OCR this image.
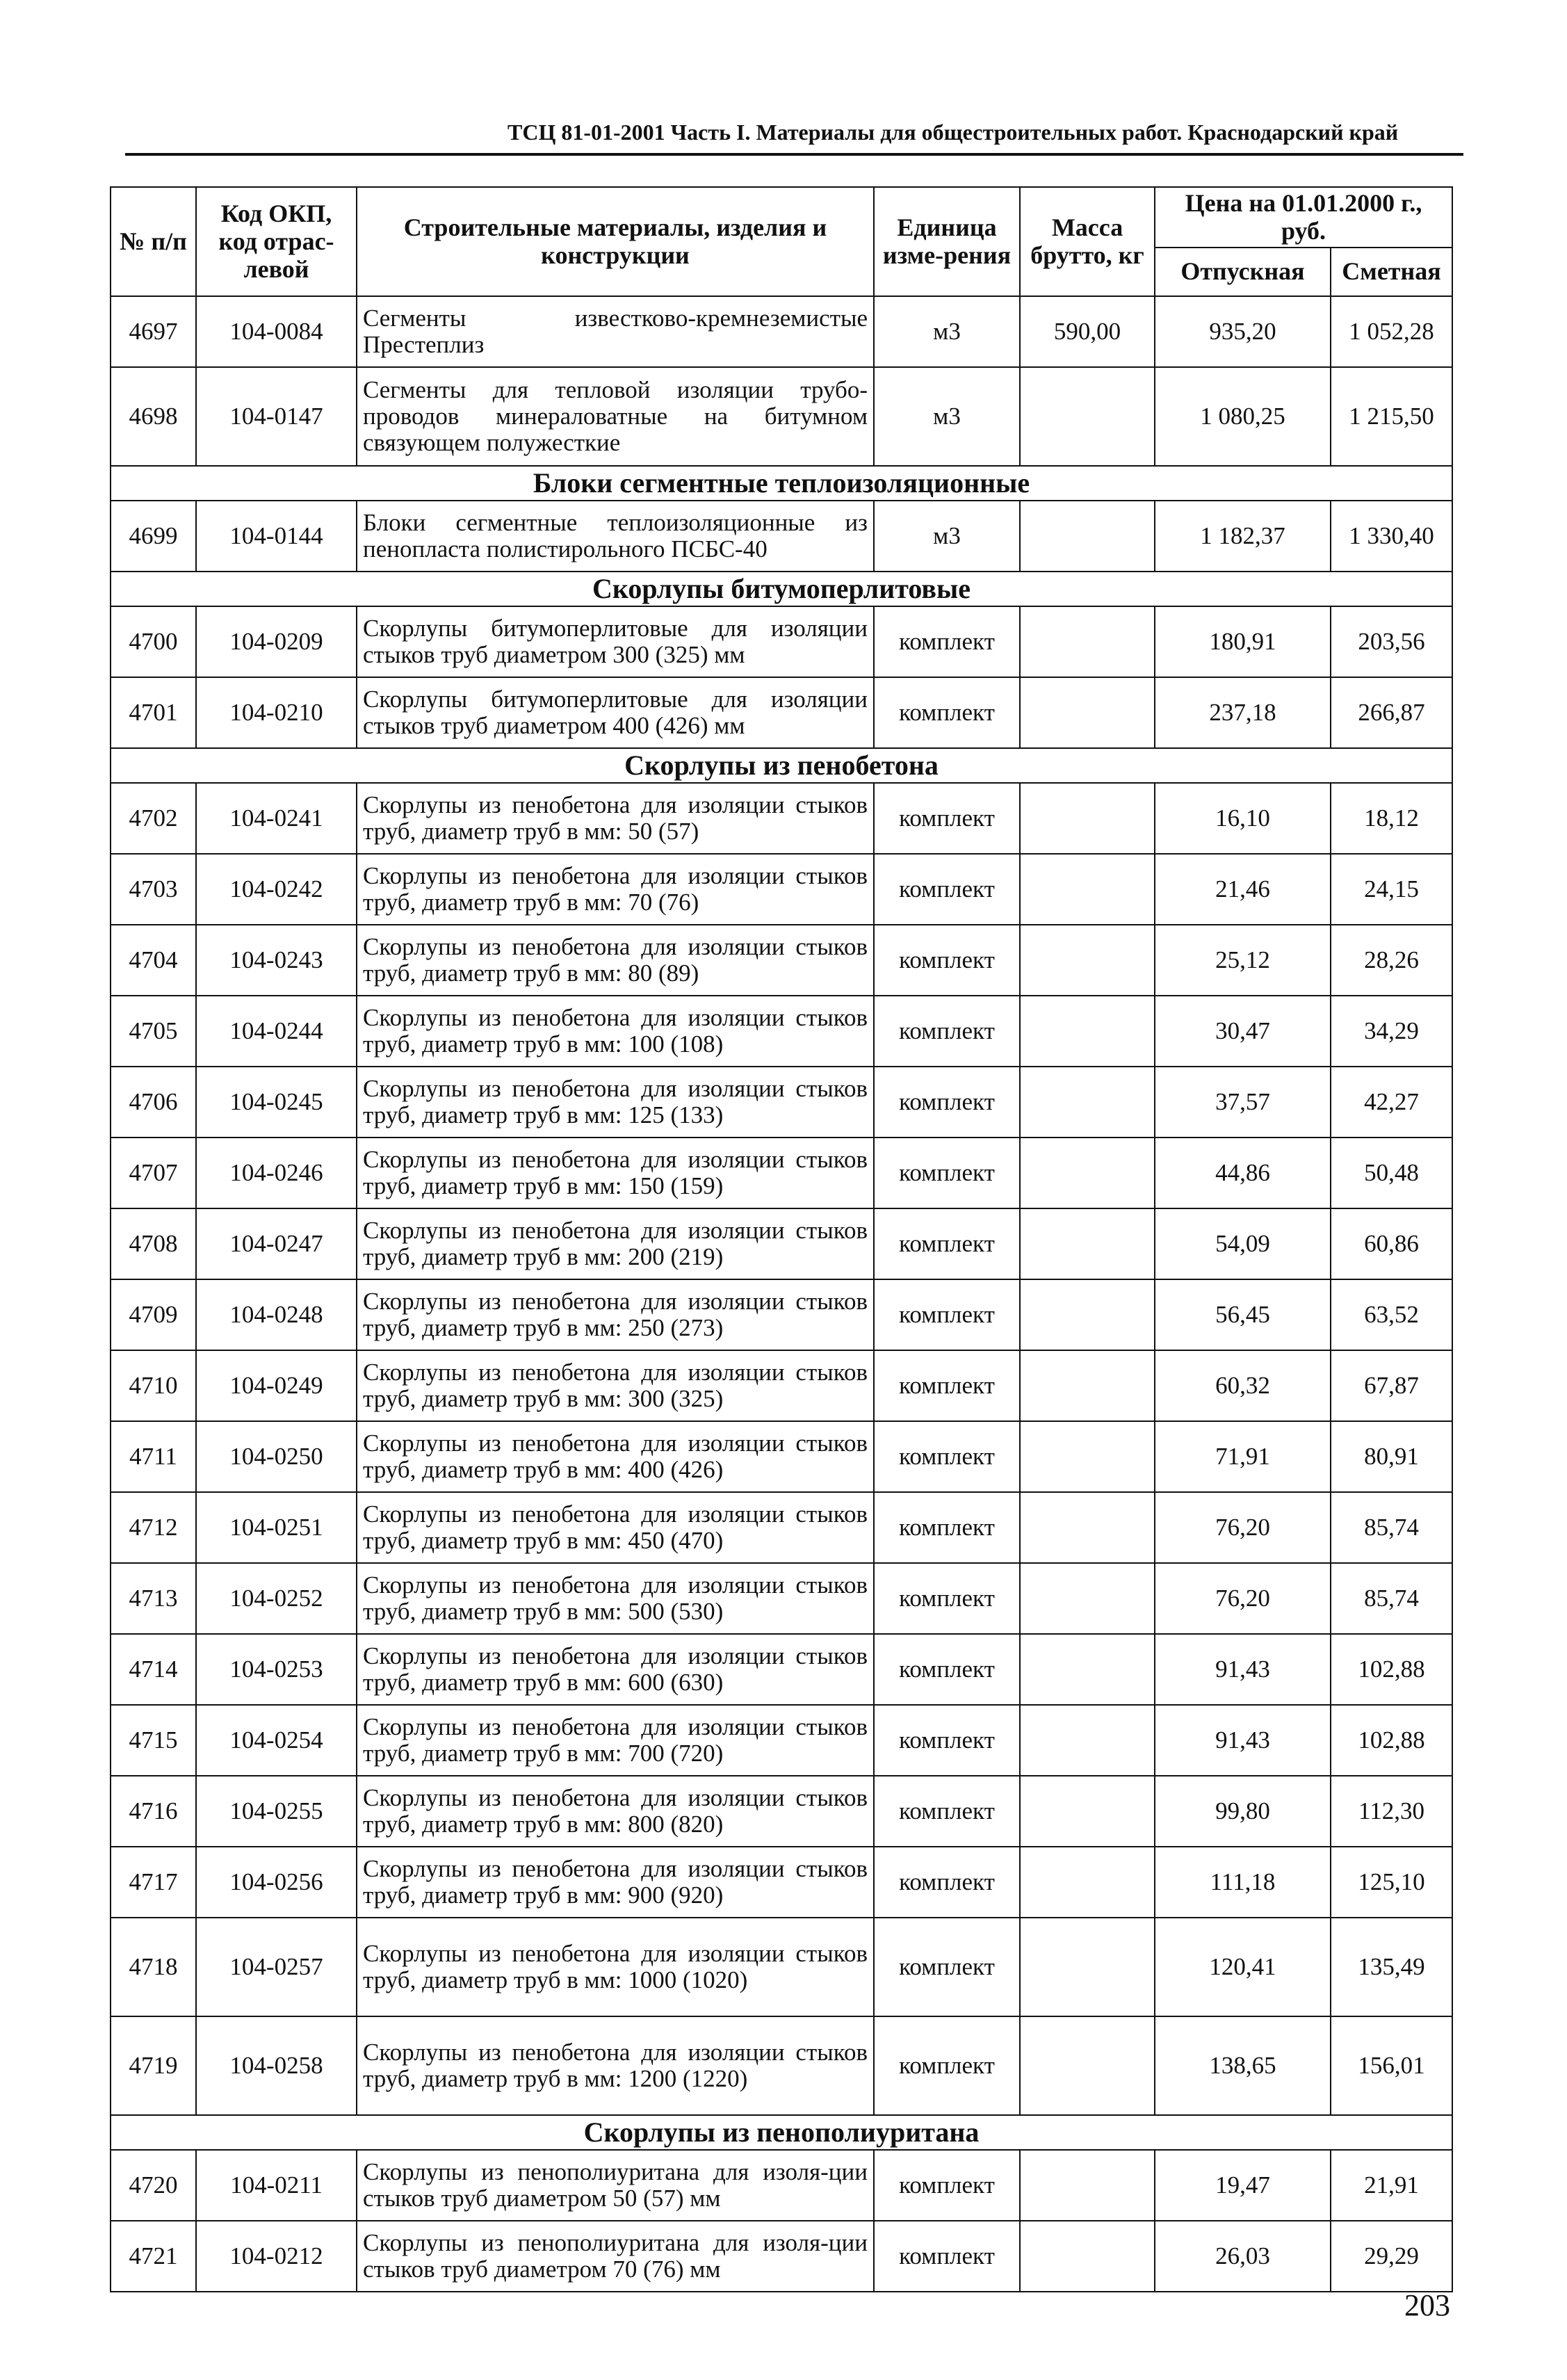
ТСЦ 81-01-2001 Часть I. Материалы для общестроительных работ. Краснодарский край
№ п/п	Код ОКП, код отрас-левой	Строительные материалы, изделия и конструкции	Единица изме-рения	Масса брутто, кг	Цена на 01.01.2000 г., руб.	
					Отпускная	Сметная
4697	104-0084	Сегменты известково-кремнеземистые Престеплиз	м3	590,00	935,20	1 052,28
4698	104-0147	Сегменты для тепловой изоляции трубо-проводов минераловатные на битумном связующем полужесткие	м3		1 080,25	1 215,50
Блоки сегментные теплоизоляционные						
4699	104-0144	Блоки сегментные теплоизоляционные из пенопласта полистирольного ПСБС-40	м3		1 182,37	1 330,40
Скорлупы битумоперлитовые						
4700	104-0209	Скорлупы битумоперлитовые для изоляции стыков труб диаметром 300 (325) мм	комплект		180,91	203,56
4701	104-0210	Скорлупы битумоперлитовые для изоляции стыков труб диаметром 400 (426) мм	комплект		237,18	266,87
Скорлупы из пенобетона						
4702	104-0241	Скорлупы из пенобетона для изоляции стыков труб, диаметр труб в мм: 50 (57)	комплект		16,10	18,12
4703	104-0242	Скорлупы из пенобетона для изоляции стыков труб, диаметр труб в мм: 70 (76)	комплект		21,46	24,15
4704	104-0243	Скорлупы из пенобетона для изоляции стыков труб, диаметр труб в мм: 80 (89)	комплект		25,12	28,26
4705	104-0244	Скорлупы из пенобетона для изоляции стыков труб, диаметр труб в мм: 100 (108)	комплект		30,47	34,29
4706	104-0245	Скорлупы из пенобетона для изоляции стыков труб, диаметр труб в мм: 125 (133)	комплект		37,57	42,27
4707	104-0246	Скорлупы из пенобетона для изоляции стыков труб, диаметр труб в мм: 150 (159)	комплект		44,86	50,48
4708	104-0247	Скорлупы из пенобетона для изоляции стыков труб, диаметр труб в мм: 200 (219)	комплект		54,09	60,86
4709	104-0248	Скорлупы из пенобетона для изоляции стыков труб, диаметр труб в мм: 250 (273)	комплект		56,45	63,52
4710	104-0249	Скорлупы из пенобетона для изоляции стыков труб, диаметр труб в мм: 300 (325)	комплект		60,32	67,87
4711	104-0250	Скорлупы из пенобетона для изоляции стыков труб, диаметр труб в мм: 400 (426)	комплект		71,91	80,91
4712	104-0251	Скорлупы из пенобетона для изоляции стыков труб, диаметр труб в мм: 450 (470)	комплект		76,20	85,74
4713	104-0252	Скорлупы из пенобетона для изоляции стыков труб, диаметр труб в мм: 500 (530)	комплект		76,20	85,74
4714	104-0253	Скорлупы из пенобетона для изоляции стыков труб, диаметр труб в мм: 600 (630)	комплект		91,43	102,88
4715	104-0254	Скорлупы из пенобетона для изоляции стыков труб, диаметр труб в мм: 700 (720)	комплект		91,43	102,88
4716	104-0255	Скорлупы из пенобетона для изоляции стыков труб, диаметр труб в мм: 800 (820)	комплект		99,80	112,30
4717	104-0256	Скорлупы из пенобетона для изоляции стыков труб, диаметр труб в мм: 900 (920)	комплект		111,18	125,10
4718	104-0257	Скорлупы из пенобетона для изоляции стыков труб, диаметр труб в мм: 1000 (1020)	комплект		120,41	135,49
4719	104-0258	Скорлупы из пенобетона для изоляции стыков труб, диаметр труб в мм: 1200 (1220)	комплект		138,65	156,01
Скорлупы из пенополиуритана						
4720	104-0211	Скорлупы из пенополиуритана для изоля-ции стыков труб диаметром 50 (57) мм	комплект		19,47	21,91
4721	104-0212	Скорлупы из пенополиуритана для изоля-ции стыков труб диаметром 70 (76) мм	комплект		26,03	29,29
203
